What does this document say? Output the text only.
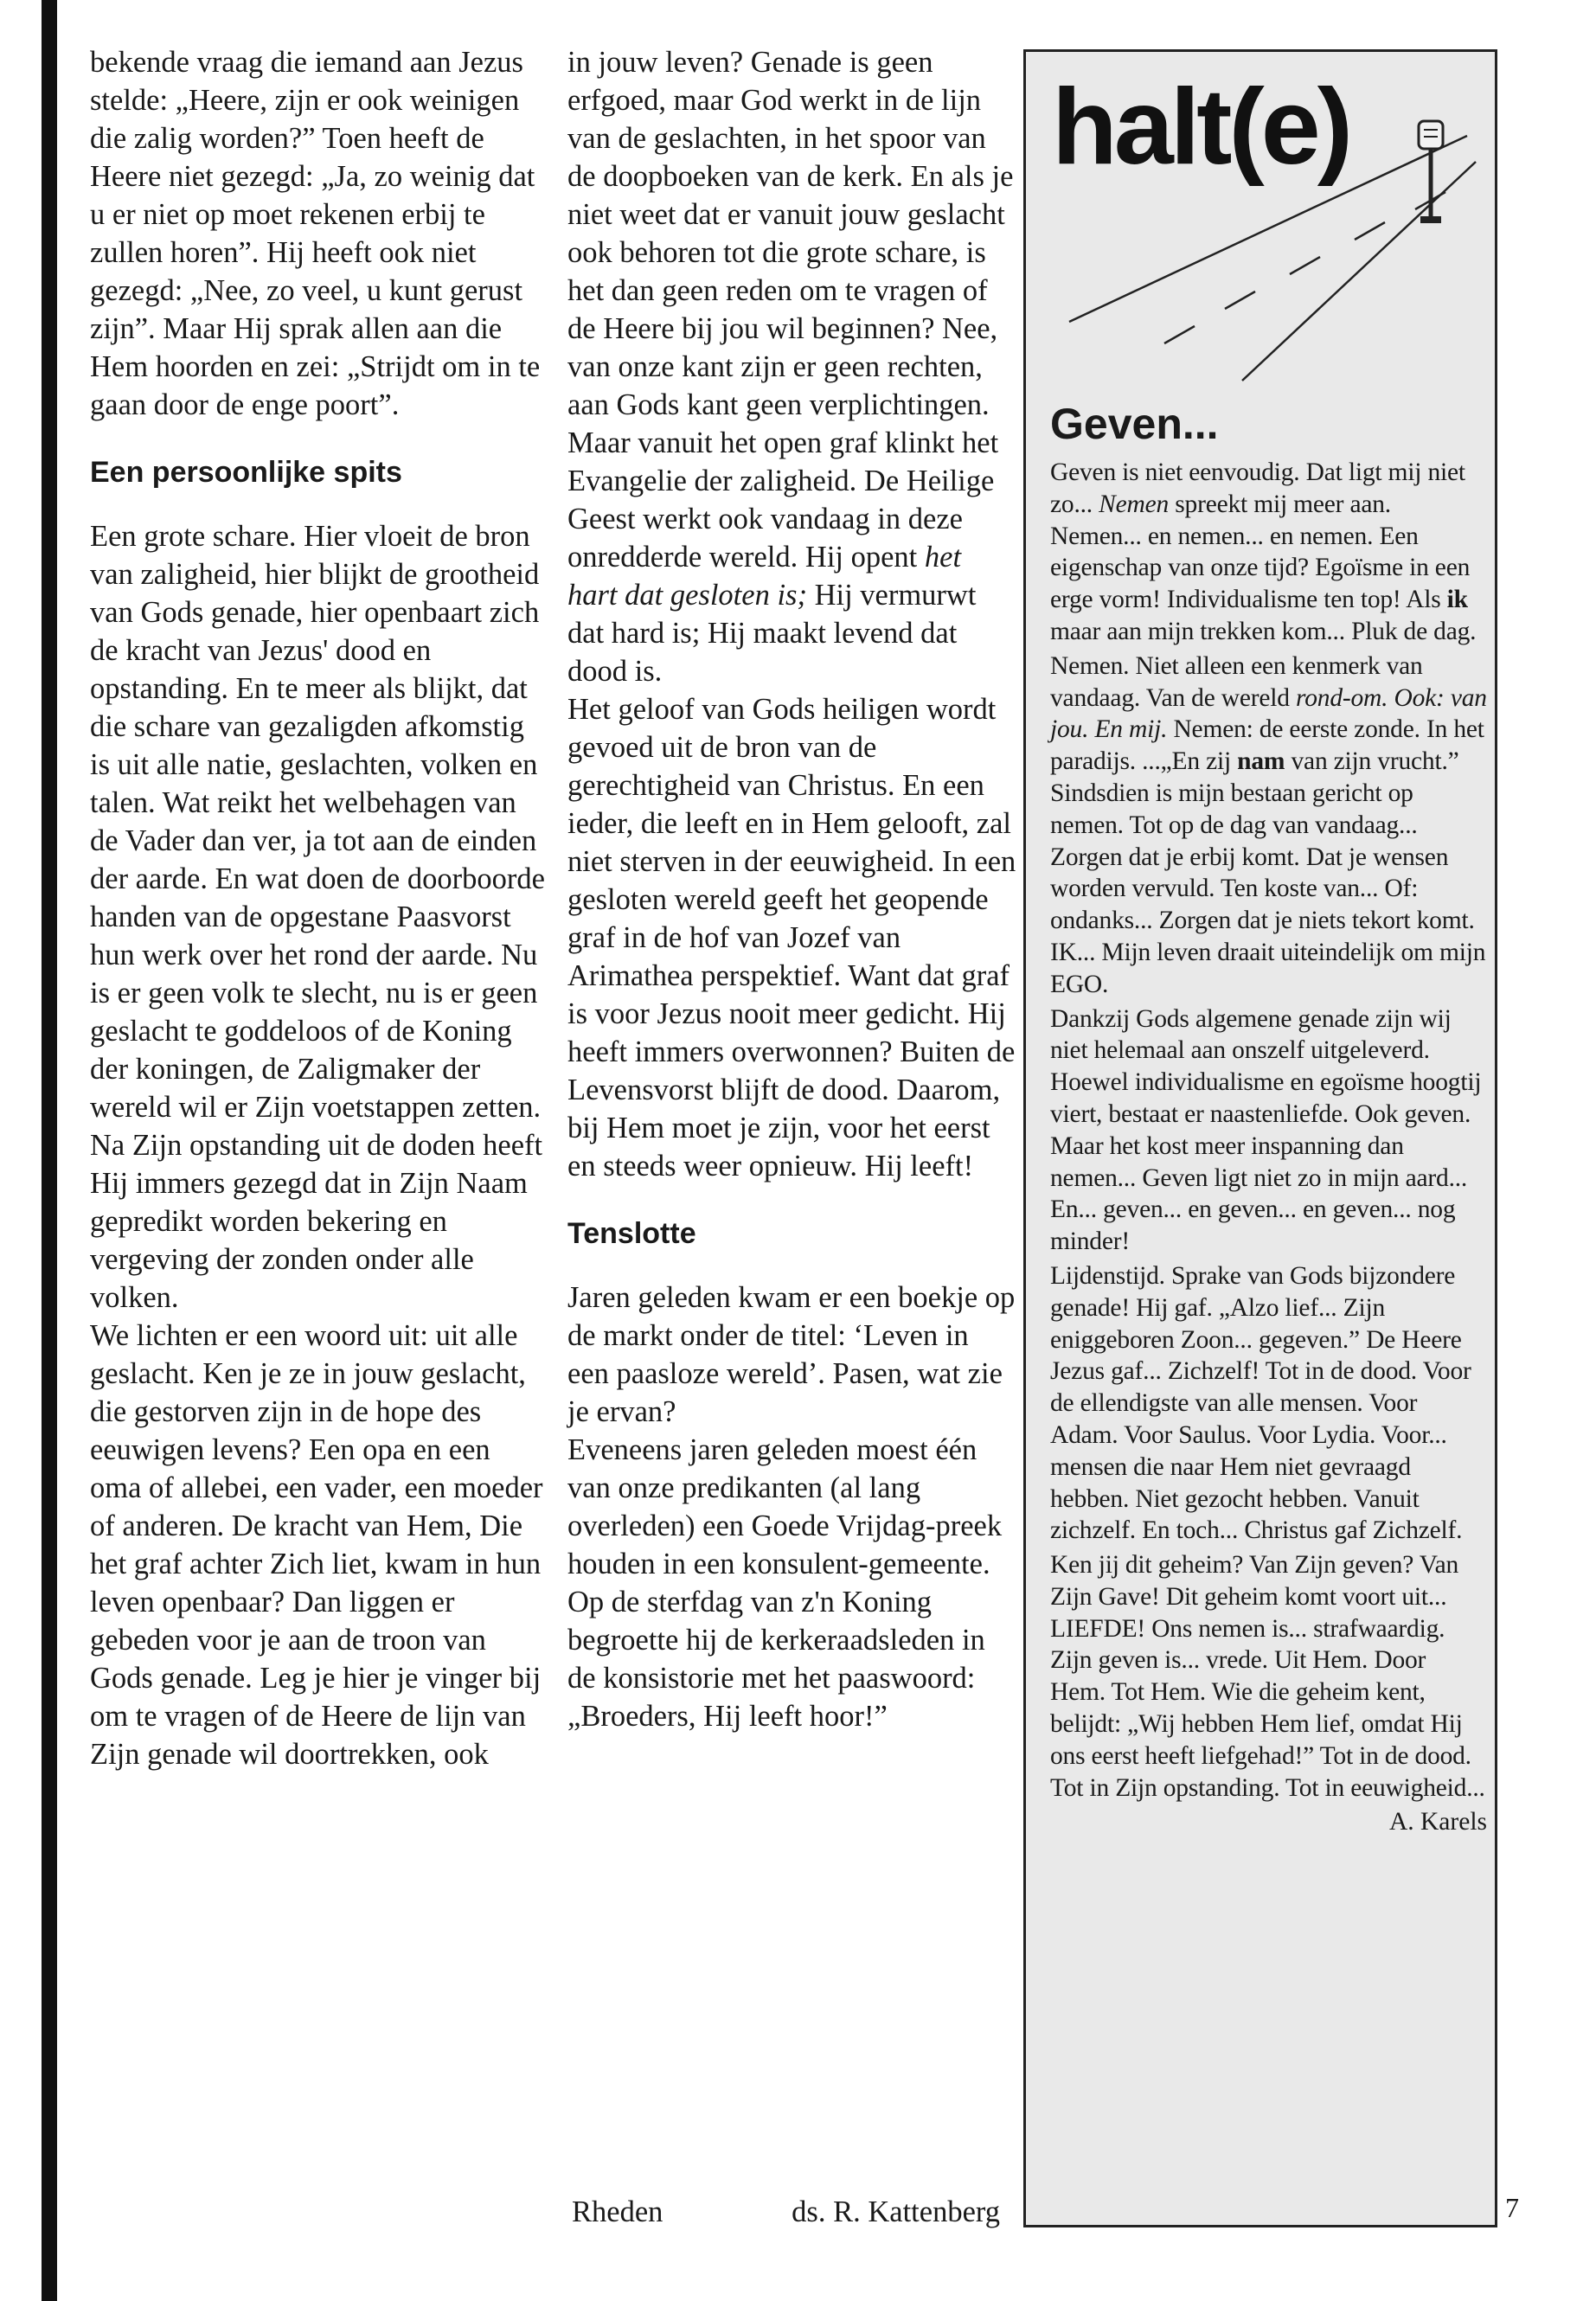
bekende vraag die iemand aan Jezus stelde: „Heere, zijn er ook weinigen die zalig worden?” Toen heeft de Heere niet gezegd: „Ja, zo weinig dat u er niet op moet rekenen erbij te zullen horen”. Hij heeft ook niet gezegd: „Nee, zo veel, u kunt gerust zijn”. Maar Hij sprak allen aan die Hem hoorden en zei: „Strijdt om in te gaan door de enge poort”.

Een persoonlijke spits

Een grote schare. Hier vloeit de bron van zaligheid, hier blijkt de grootheid van Gods genade, hier openbaart zich de kracht van Jezus' dood en opstanding. En te meer als blijkt, dat die schare van gezaligden afkomstig is uit alle natie, geslachten, volken en talen. Wat reikt het welbehagen van de Vader dan ver, ja tot aan de einden der aarde. En wat doen de doorboorde handen van de opgestane Paasvorst hun werk over het rond der aarde. Nu is er geen volk te slecht, nu is er geen geslacht te goddeloos of de Koning der koningen, de Zaligmaker der wereld wil er Zijn voetstappen zetten. Na Zijn opstanding uit de doden heeft Hij immers gezegd dat in Zijn Naam gepredikt worden bekering en vergeving der zonden onder alle volken.

We lichten er een woord uit: uit alle geslacht. Ken je ze in jouw geslacht, die gestorven zijn in de hope des eeuwigen levens? Een opa en een oma of allebei, een vader, een moeder of anderen. De kracht van Hem, Die het graf achter Zich liet, kwam in hun leven openbaar? Dan liggen er gebeden voor je aan de troon van Gods genade. Leg je hier je vinger bij om te vragen of de Heere de lijn van Zijn genade wil doortrekken, ook

in jouw leven? Genade is geen erfgoed, maar God werkt in de lijn van de geslachten, in het spoor van de doopboeken van de kerk. En als je niet weet dat er vanuit jouw geslacht ook behoren tot die grote schare, is het dan geen reden om te vragen of de Heere bij jou wil beginnen? Nee, van onze kant zijn er geen rechten, aan Gods kant geen verplichtingen. Maar vanuit het open graf klinkt het Evangelie der zaligheid. De Heilige Geest werkt ook vandaag in deze onredderde wereld. Hij opent het hart dat gesloten is; Hij vermurwt dat hard is; Hij maakt levend dat dood is.

Het geloof van Gods heiligen wordt gevoed uit de bron van de gerechtigheid van Christus. En een ieder, die leeft en in Hem gelooft, zal niet sterven in der eeuwigheid. In een gesloten wereld geeft het geopende graf in de hof van Jozef van Arimathea perspektief. Want dat graf is voor Jezus nooit meer gedicht. Hij heeft immers overwonnen? Buiten de Levensvorst blijft de dood. Daarom, bij Hem moet je zijn, voor het eerst en steeds weer opnieuw. Hij leeft!

Tenslotte

Jaren geleden kwam er een boekje op de markt onder de titel: ‘Leven in een paasloze wereld’. Pasen, wat zie je ervan?

Eveneens jaren geleden moest één van onze predikanten (al lang overleden) een Goede Vrijdag-preek houden in een konsulent-gemeente. Op de sterfdag van z'n Koning begroette hij de kerkeraadsleden in de konsistorie met het paaswoord: „Broeders, Hij leeft hoor!”

Rheden	ds. R. Kattenberg
halt(e)
Geven...

Geven is niet eenvoudig. Dat ligt mij niet zo... Nemen spreekt mij meer aan. Nemen... en nemen... en nemen. Een eigenschap van onze tijd? Egoïsme in een erge vorm! Individualisme ten top! Als ik maar aan mijn trekken kom... Pluk de dag.

Nemen. Niet alleen een kenmerk van vandaag. Van de wereld rond-om. Ook: van jou. En mij. Nemen: de eerste zonde. In het paradijs. ...„En zij nam van zijn vrucht.” Sindsdien is mijn bestaan gericht op nemen. Tot op de dag van vandaag... Zorgen dat je erbij komt. Dat je wensen worden vervuld. Ten koste van... Of: ondanks... Zorgen dat je niets tekort komt. IK... Mijn leven draait uiteindelijk om mijn EGO.

Dankzij Gods algemene genade zijn wij niet helemaal aan onszelf uitgeleverd. Hoewel individualisme en egoïsme hoogtij viert, bestaat er naastenliefde. Ook geven. Maar het kost meer inspanning dan nemen... Geven ligt niet zo in mijn aard... En... geven... en geven... en geven... nog minder!

Lijdenstijd. Sprake van Gods bijzondere genade! Hij gaf. „Alzo lief... Zijn eniggeboren Zoon... gegeven.” De Heere Jezus gaf... Zichzelf! Tot in de dood. Voor de ellendigste van alle mensen. Voor Adam. Voor Saulus. Voor Lydia. Voor... mensen die naar Hem niet gevraagd hebben. Niet gezocht hebben. Vanuit zichzelf. En toch... Christus gaf Zichzelf.

Ken jij dit geheim? Van Zijn geven? Van Zijn Gave! Dit geheim komt voort uit... LIEFDE! Ons nemen is... strafwaardig. Zijn geven is... vrede. Uit Hem. Door Hem. Tot Hem. Wie die geheim kent, belijdt: „Wij hebben Hem lief, omdat Hij ons eerst heeft liefgehad!” Tot in de dood. Tot in Zijn opstanding. Tot in eeuwigheid...

A. Karels

7
